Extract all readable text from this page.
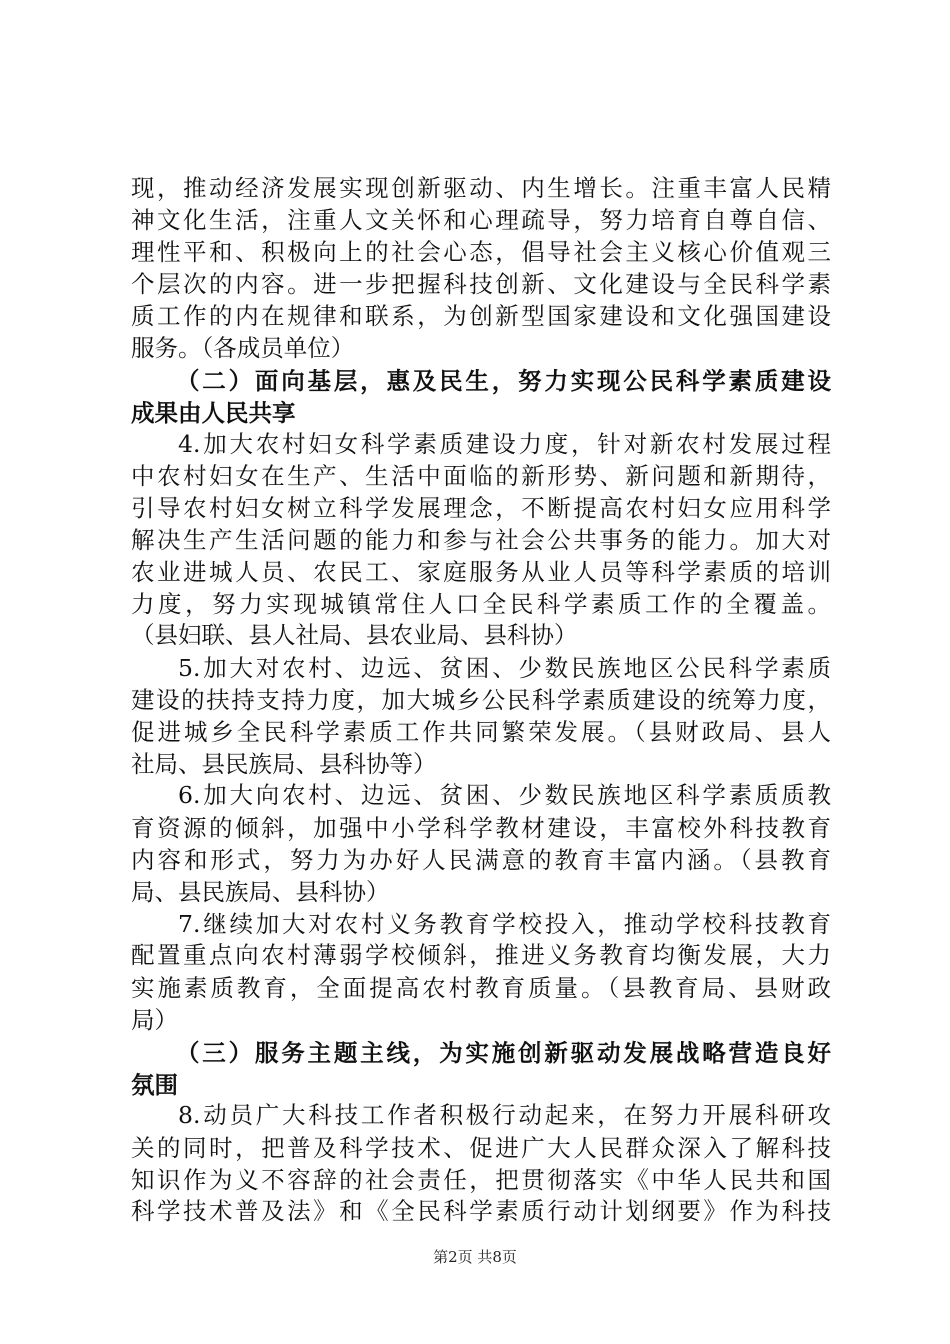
现，推动经济发展实现创新驱动、内生增长。注重丰富人民精
神文化生活，注重人文关怀和心理疏导，努力培育自尊自信、
理性平和、积极向上的社会心态，倡导社会主义核心价值观三
个层次的内容。进一步把握科技创新、文化建设与全民科学素
质工作的内在规律和联系，为创新型国家建设和文化强国建设
服务。（各成员单位）
（二）面向基层，惠及民生，努力实现公民科学素质建设
成果由人民共享
4.加大农村妇女科学素质建设力度，针对新农村发展过程
中农村妇女在生产、生活中面临的新形势、新问题和新期待，
引导农村妇女树立科学发展理念，不断提高农村妇女应用科学
解决生产生活问题的能力和参与社会公共事务的能力。加大对
农业进城人员、农民工、家庭服务从业人员等科学素质的培训
力度，努力实现城镇常住人口全民科学素质工作的全覆盖。
（县妇联、县人社局、县农业局、县科协）
5.加大对农村、边远、贫困、少数民族地区公民科学素质
建设的扶持支持力度，加大城乡公民科学素质建设的统筹力度，
促进城乡全民科学素质工作共同繁荣发展。（县财政局、县人
社局、县民族局、县科协等）
6.加大向农村、边远、贫困、少数民族地区科学素质质教
育资源的倾斜，加强中小学科学教材建设，丰富校外科技教育
内容和形式，努力为办好人民满意的教育丰富内涵。（县教育
局、县民族局、县科协）
7.继续加大对农村义务教育学校投入，推动学校科技教育
配置重点向农村薄弱学校倾斜，推进义务教育均衡发展，大力
实施素质教育，全面提高农村教育质量。（县教育局、县财政
局）
（三）服务主题主线，为实施创新驱动发展战略营造良好
氛围
8.动员广大科技工作者积极行动起来，在努力开展科研攻
关的同时，把普及科学技术、促进广大人民群众深入了解科技
知识作为义不容辞的社会责任，把贯彻落实《中华人民共和国
科学技术普及法》和《全民科学素质行动计划纲要》作为科技
第2页 共8页
